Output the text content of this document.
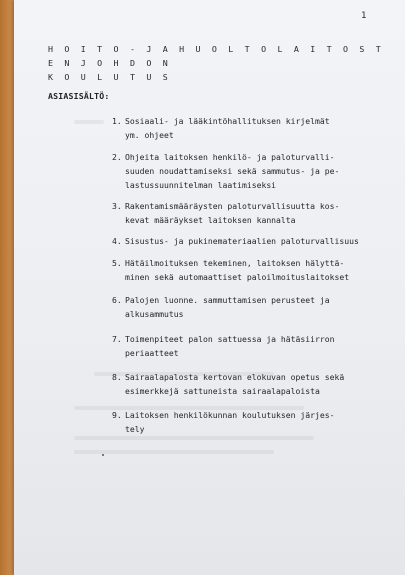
1
H O I T O - J A H U O L T O L A I T O S T E N J O H D O N
K O U L U T U S
ASIASISÄLTÖ:

1. Sosiaali- ja lääkintöhallituksen kirjelmät
ym. ohjeet

2. Ohjeita laitoksen henkilö- ja paloturvalli-
suuden noudattamiseksi sekä sammutus- ja pe-
lastussuunnitelman laatimiseksi

3. Rakentamismääräysten paloturvallisuutta kos-
kevat määräykset laitoksen kannalta

4. Sisustus- ja pukinemateriaalien paloturvallisuus

5. Hätäilmoituksen tekeminen, laitoksen hälyttä-
minen sekä automaattiset paloilmoituslaitokset

6. Palojen luonne. sammuttamisen perusteet ja
alkusammutus

7. Toimenpiteet palon sattuessa ja hätäsiirron
periaatteet

8. Sairaalapalosta kertovan elokuvan opetus sekä
esimerkkejä sattuneista sairaalapaloista

9. Laitoksen henkilökunnan koulutuksen järjes-
tely
